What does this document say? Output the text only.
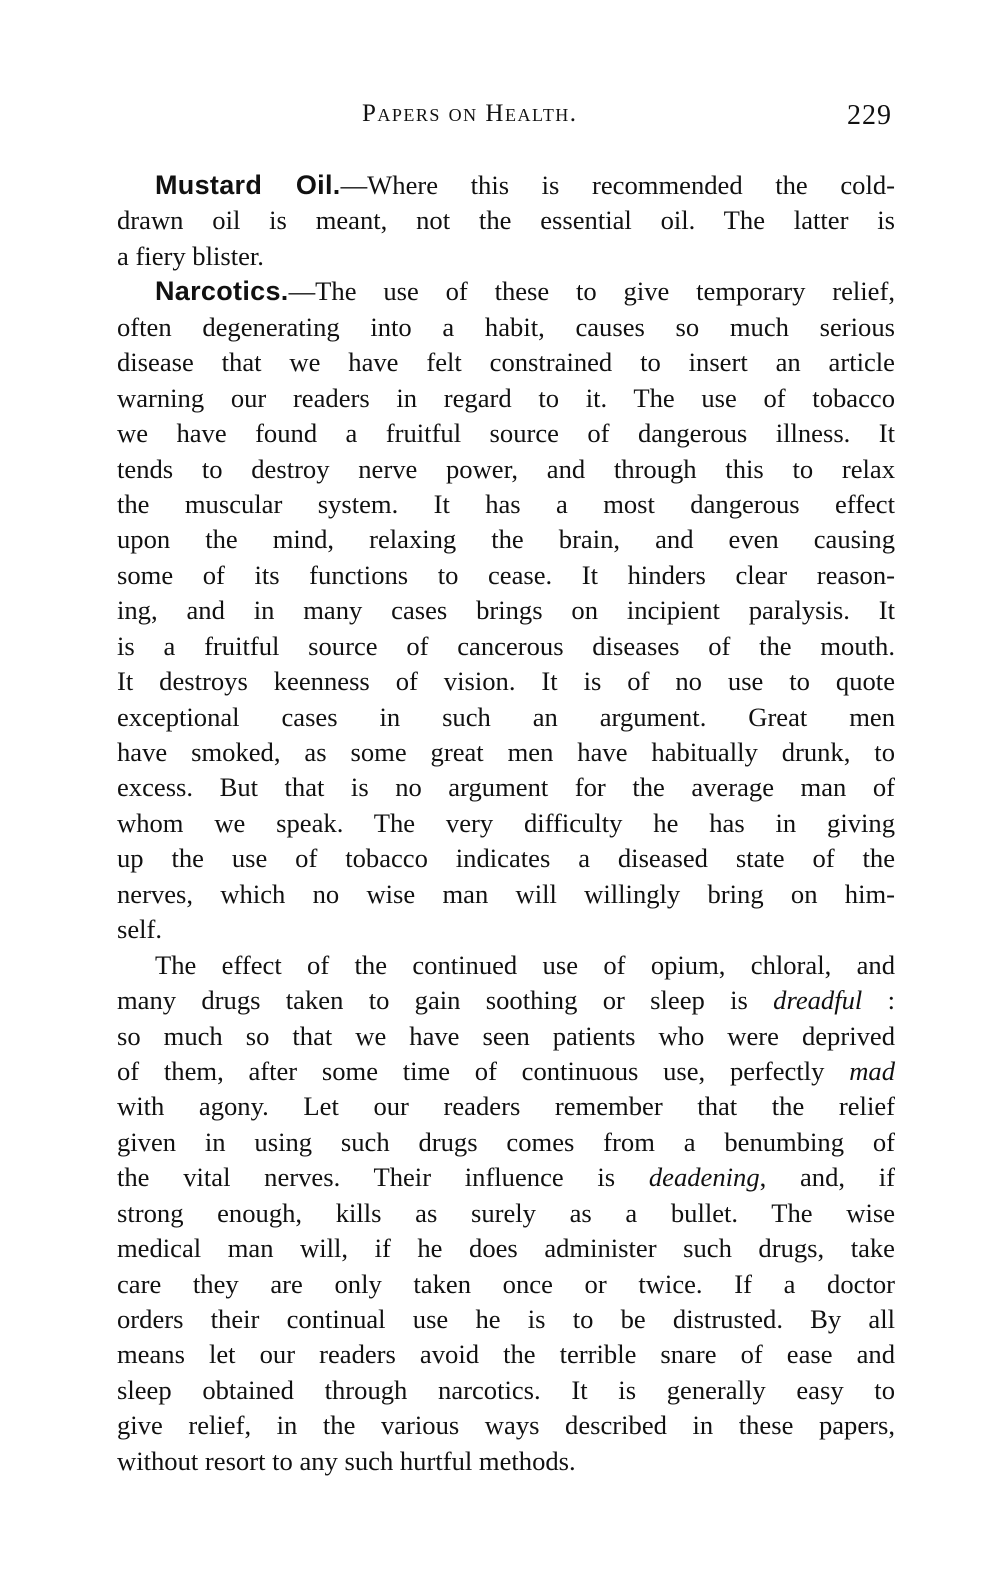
Papers on Health.	229
Mustard Oil.—Where this is recommended the cold-
drawn oil is meant, not the essential oil. The latter is
a fiery blister.
Narcotics.—The use of these to give temporary relief,
often degenerating into a habit, causes so much serious
disease that we have felt constrained to insert an article
warning our readers in regard to it. The use of tobacco
we have found a fruitful source of dangerous illness. It
tends to destroy nerve power, and through this to relax
the muscular system. It has a most dangerous effect
upon the mind, relaxing the brain, and even causing
some of its functions to cease. It hinders clear reason-
ing, and in many cases brings on incipient paralysis. It
is a fruitful source of cancerous diseases of the mouth.
It destroys keenness of vision. It is of no use to quote
exceptional cases in such an argument. Great men
have smoked, as some great men have habitually drunk, to
excess. But that is no argument for the average man of
whom we speak. The very difficulty he has in giving
up the use of tobacco indicates a diseased state of the
nerves, which no wise man will willingly bring on him-
self.
The effect of the continued use of opium, chloral, and
many drugs taken to gain soothing or sleep is dreadful :
so much so that we have seen patients who were deprived
of them, after some time of continuous use, perfectly mad
with agony. Let our readers remember that the relief
given in using such drugs comes from a benumbing of
the vital nerves. Their influence is deadening, and, if
strong enough, kills as surely as a bullet. The wise
medical man will, if he does administer such drugs, take
care they are only taken once or twice. If a doctor
orders their continual use he is to be distrusted. By all
means let our readers avoid the terrible snare of ease and
sleep obtained through narcotics. It is generally easy to
give relief, in the various ways described in these papers,
without resort to any such hurtful methods.
